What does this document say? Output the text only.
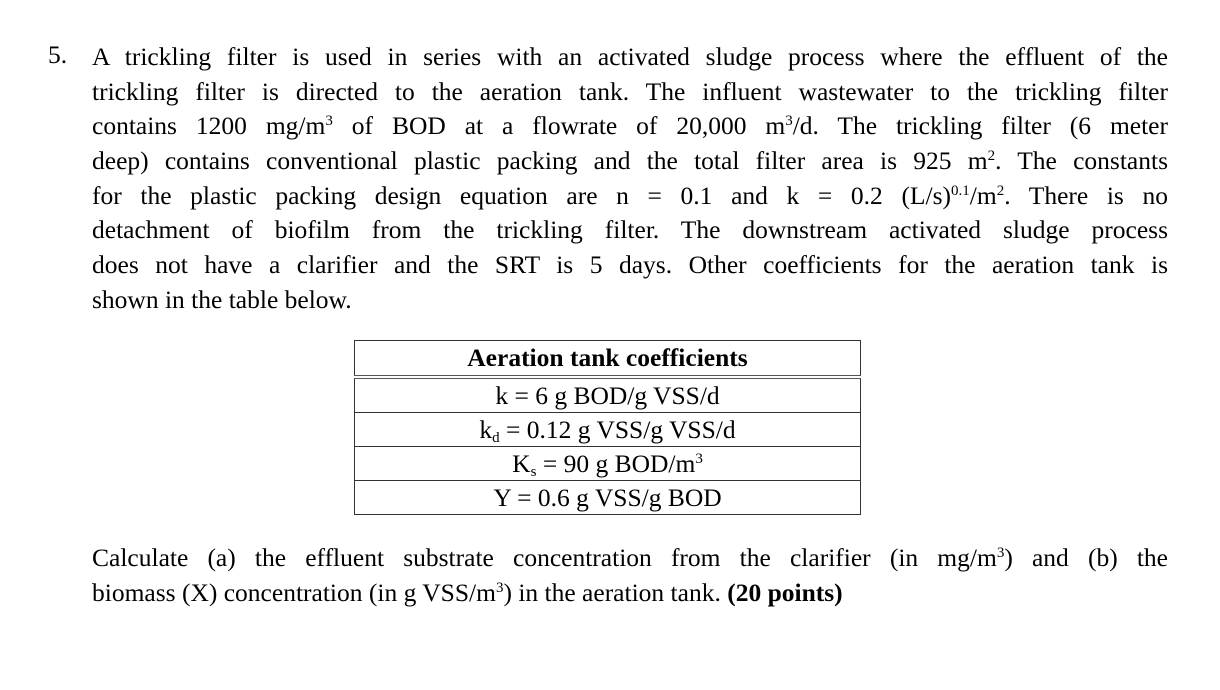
5. A trickling filter is used in series with an activated sludge process where the effluent of the
trickling filter is directed to the aeration tank. The influent wastewater to the trickling filter
contains 1200 $mg/m^3$ of BOD at a flowrate of 20,000 $m^3/d$. The trickling filter (6 meter
deep) contains conventional plastic packing and the total filter area is 925 $m^2$. The constants
for the plastic packing design equation are n = 0.1 and k = 0.2 $(L/s)^{0.1}/m^2$. There is no
detachment of biofilm from the trickling filter. The downstream activated sludge process
does not have a clarifier and the SRT is 5 days. Other coefficients for the aeration tank is
shown in the table below.
Aeration tank coefficients
k = 6 g BOD/g VSS/d
$k_d = 0.12$ g VSS/g VSS/d
$K_s = 90$ g BOD/$m^3$
Y = 0.6 g VSS/g BOD
Calculate (a) the effluent substrate concentration from the clarifier (in $mg/m^3$) and (b) the
biomass (X) concentration (in g VSS/$m^3$) in the aeration tank. (20 points)
